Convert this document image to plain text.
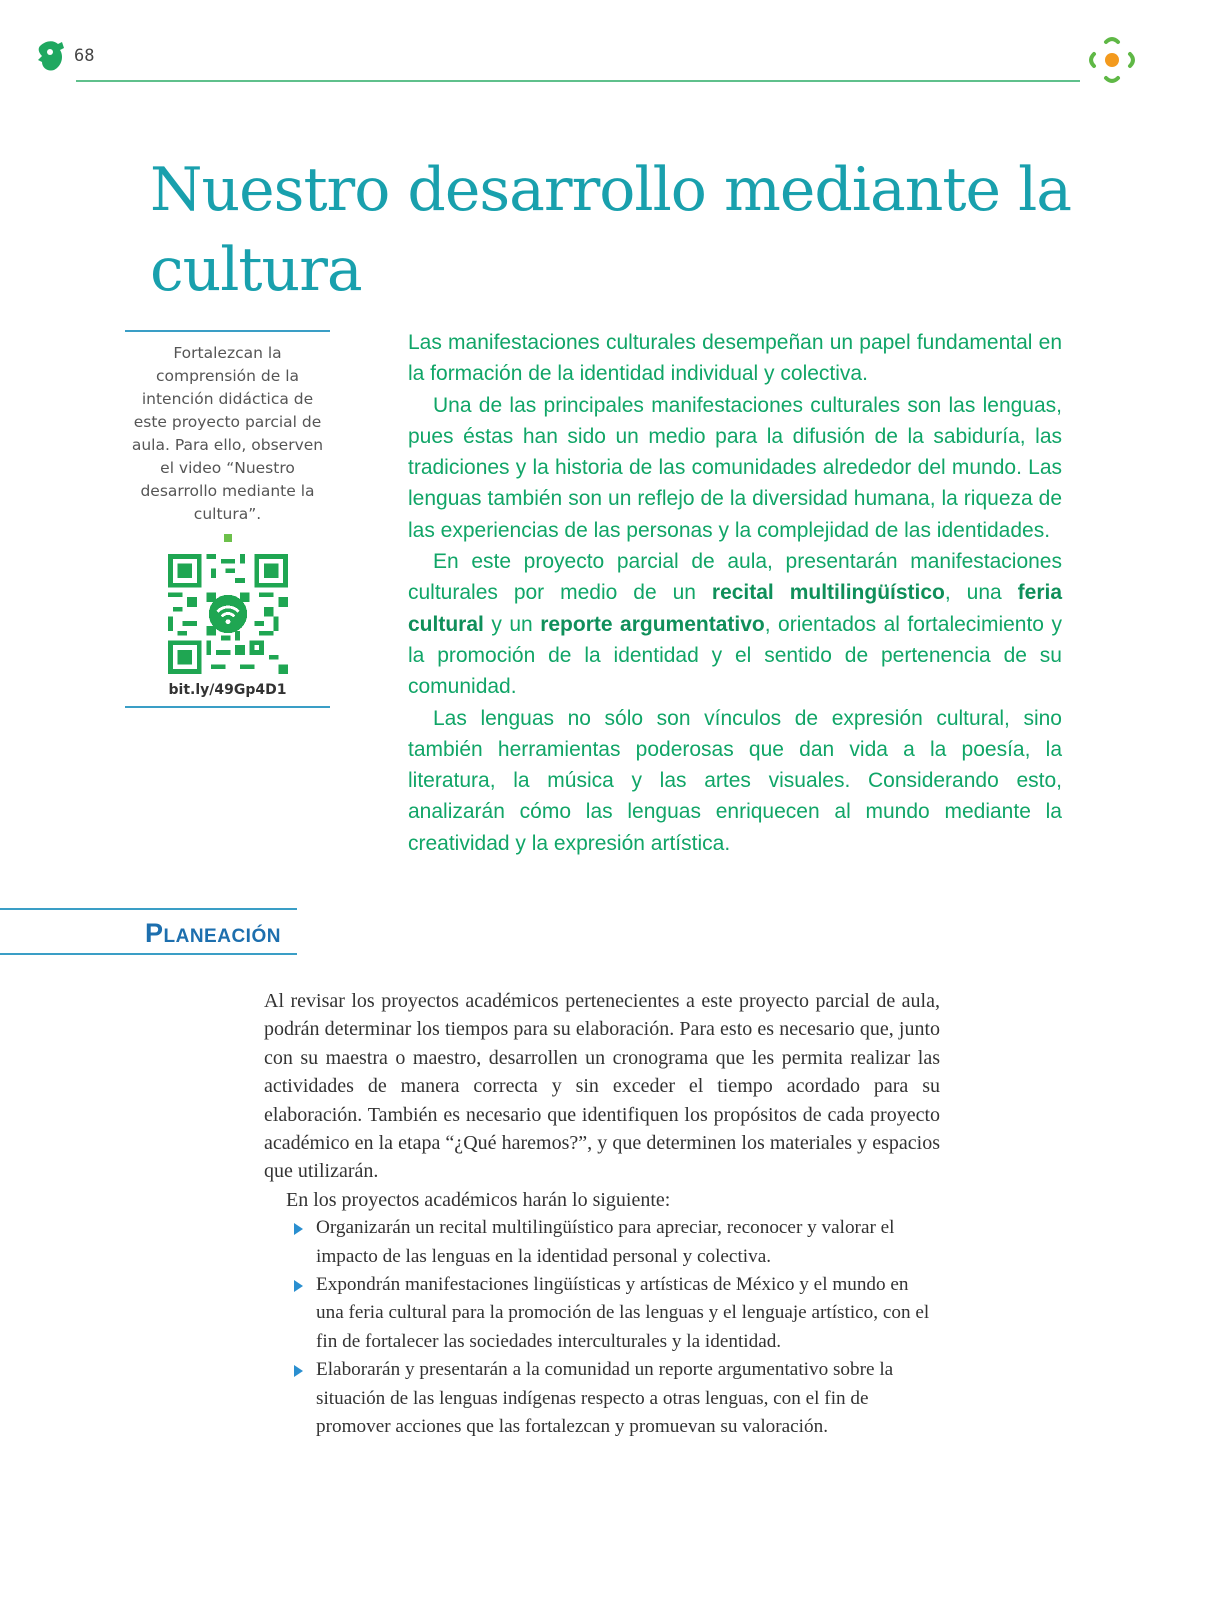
68
Nuestro desarrollo mediante la cultura
Fortalezcan la comprensión de la intención didáctica de este proyecto parcial de aula. Para ello, observen el video “Nuestro desarrollo mediante la cultura”.
bit.ly/49Gp4D1

Las manifestaciones culturales desempeñan un papel fundamental en la formación de la identidad individual y colectiva.

Una de las principales manifestaciones culturales son las lenguas, pues éstas han sido un medio para la difusión de la sabiduría, las tradiciones y la historia de las comunidades alrededor del mundo. Las lenguas también son un reflejo de la diversidad humana, la riqueza de las experiencias de las personas y la complejidad de las identidades.

En este proyecto parcial de aula, presentarán manifestaciones culturales por medio de un recital multilingüístico, una feria cultural y un reporte argumentativo, orientados al fortalecimiento y la promoción de la identidad y el sentido de pertenencia de su comunidad.

Las lenguas no sólo son vínculos de expresión cultural, sino también herramientas poderosas que dan vida a la poesía, la literatura, la música y las artes visuales. Considerando esto, analizarán cómo las lenguas enriquecen al mundo mediante la creatividad y la expresión artística.

Planeación

Al revisar los proyectos académicos pertenecientes a este proyecto parcial de aula, podrán determinar los tiempos para su elaboración. Para esto es necesario que, junto con su maestra o maestro, desarrollen un cronograma que les permita realizar las actividades de manera correcta y sin exceder el tiempo acordado para su elaboración. También es necesario que identifiquen los propósitos de cada proyecto académico en la etapa “¿Qué haremos?”, y que determinen los materiales y espacios que utilizarán.

En los proyectos académicos harán lo siguiente:

Organizarán un recital multilingüístico para apreciar, reconocer y valorar el impacto de las lenguas en la identidad personal y colectiva.
Expondrán manifestaciones lingüísticas y artísticas de México y el mundo en una feria cultural para la promoción de las lenguas y el lenguaje artístico, con el fin de fortalecer las sociedades interculturales y la identidad.
Elaborarán y presentarán a la comunidad un reporte argumentativo sobre la situación de las lenguas indígenas respecto a otras lenguas, con el fin de promover acciones que las fortalezcan y promuevan su valoración.
